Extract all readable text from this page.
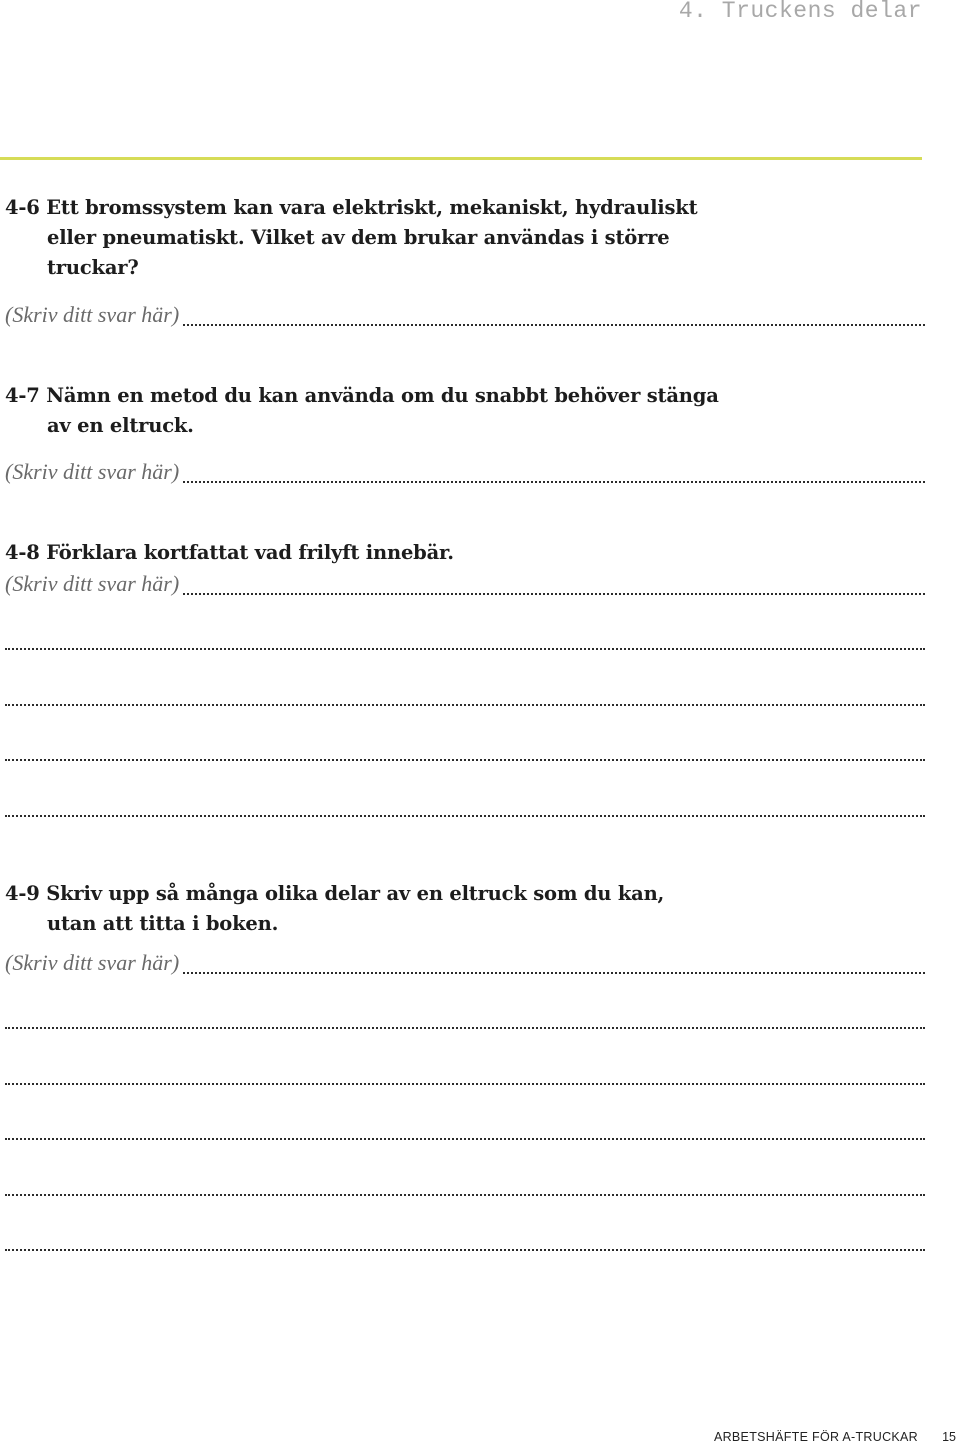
4. Truckens delar
4-6 Ett bromssystem kan vara elektriskt, mekaniskt, hydrauliskt
eller pneumatiskt. Vilket av dem brukar användas i större
truckar?
(Skriv ditt svar här)
4-7 Nämn en metod du kan använda om du snabbt behöver stänga
av en eltruck.
(Skriv ditt svar här)
4-8 Förklara kortfattat vad frilyft innebär.
(Skriv ditt svar här)
4-9 Skriv upp så många olika delar av en eltruck som du kan,
utan att titta i boken.
(Skriv ditt svar här)
ARBETSHÄFTE FÖR A-TRUCKAR 15
